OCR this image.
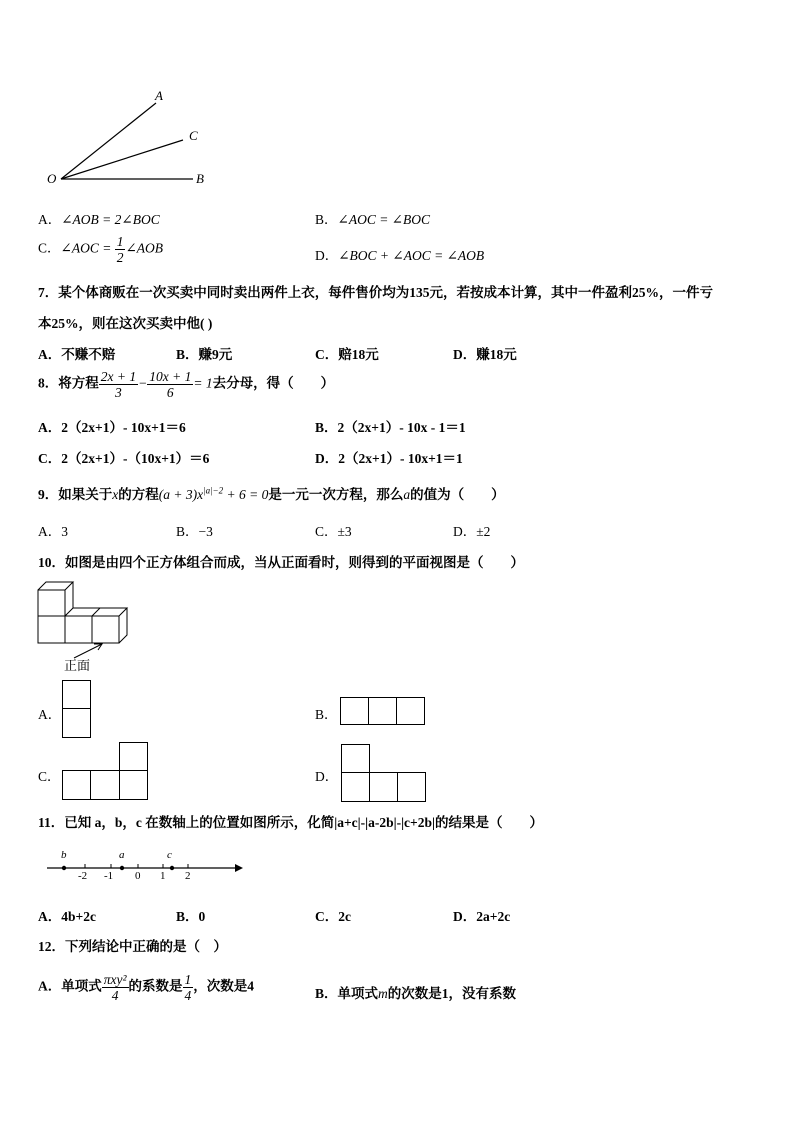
A
C
O	B
A．∠AOB = 2∠BOC	B．∠AOC = ∠BOC
C．∠AOC = $\frac{1}{2}$ ∠AOB	D．∠BOC + ∠AOC = ∠AOB
7．某个体商贩在一次买卖中同时卖出两件上衣，每件售价均为135元，若按成本计算，其中一件盈利25%，一件亏
本25%，则在这次买卖中他( )
A．不赚不赔	B．赚9元	C．赔18元	D．赚18元
8．将方程 $\frac{2x + 1}{3} - \frac{10x + 1}{6} = 1$去分母，得（　　）
A．2（2x+1）- 10x+1＝6	B．2（2x+1）- 10x - 1＝1
C．2（2x+1）-（10x+1）＝6	D．2（2x+1）- 10x+1＝1
9．如果关于x的方程$(a + 3)x^{|a|-2} + 6 = 0$是一元一次方程，那么a的值为（　　）
A．3	B．−3	C．±3	D．±2
10．如图是由四个正方体组合而成，当从正面看时，则得到的平面视图是（　　）
正面
A．	B．
C．	D．
11．已知 a，b，c 在数轴上的位置如图所示，化简|a+c|-|a-2b|-|c+2b|的结果是（　　）
b	a	c
-2 -1 0 1 2
A．4b+2c	B．0	C．2c	D．2a+2c
12．下列结论中正确的是（　）
A．单项式 $\frac{\text{πxy²}}{4}$ 的系数是 $\frac{1}{4}$ ，次数是4	B．单项式m的次数是1，没有系数
